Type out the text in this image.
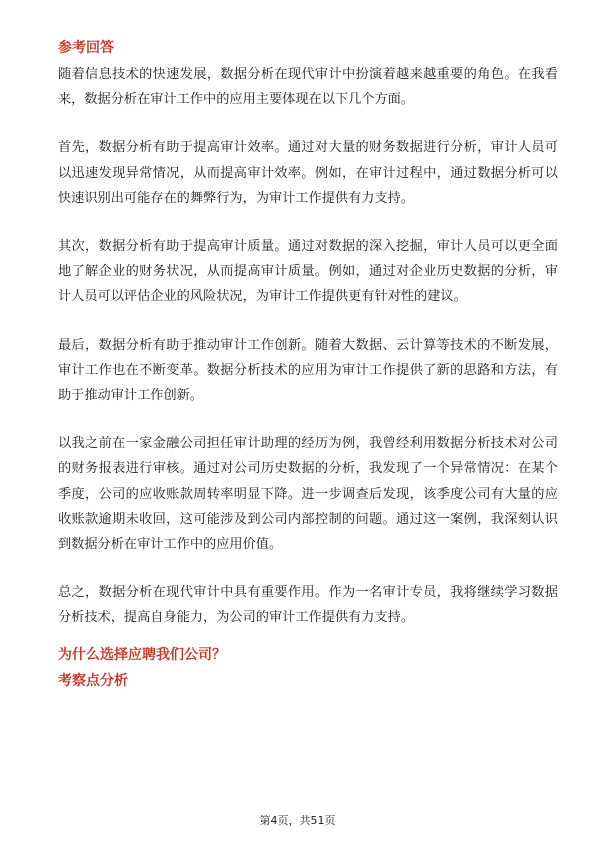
参考回答

随着信息技术的快速发展，数据分析在现代审计中扮演着越来越重要的角色。在我看来，数据分析在审计工作中的应用主要体现在以下几个方面。

首先，数据分析有助于提高审计效率。通过对大量的财务数据进行分析，审计人员可以迅速发现异常情况，从而提高审计效率。例如，在审计过程中，通过数据分析可以快速识别出可能存在的舞弊行为，为审计工作提供有力支持。

其次，数据分析有助于提高审计质量。通过对数据的深入挖掘，审计人员可以更全面地了解企业的财务状况，从而提高审计质量。例如，通过对企业历史数据的分析，审计人员可以评估企业的风险状况，为审计工作提供更有针对性的建议。

最后，数据分析有助于推动审计工作创新。随着大数据、云计算等技术的不断发展，审计工作也在不断变革。数据分析技术的应用为审计工作提供了新的思路和方法，有助于推动审计工作创新。

以我之前在一家金融公司担任审计助理的经历为例，我曾经利用数据分析技术对公司的财务报表进行审核。通过对公司历史数据的分析，我发现了一个异常情况：在某个季度，公司的应收账款周转率明显下降。进一步调查后发现，该季度公司有大量的应收账款逾期未收回，这可能涉及到公司内部控制的问题。通过这一案例，我深刻认识到数据分析在审计工作中的应用价值。

总之，数据分析在现代审计中具有重要作用。作为一名审计专员，我将继续学习数据分析技术，提高自身能力，为公司的审计工作提供有力支持。

为什么选择应聘我们公司？

考察点分析

第4页，共51页
